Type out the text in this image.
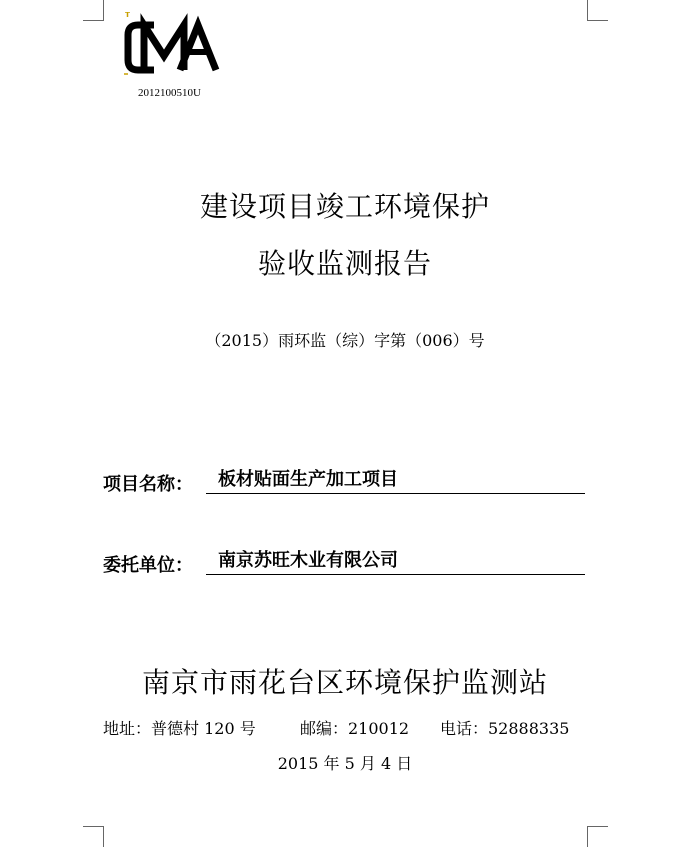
2012100510U
建设项目竣工环境保护
验收监测报告
（2015）雨环监（综）字第（006）号
项目名称：	板材贴面生产加工项目
委托单位：	南京苏旺木业有限公司
南京市雨花台区环境保护监测站
地址：普德村 120 号	邮编：210012 电话：52888335
2015 年 5 月 4 日
